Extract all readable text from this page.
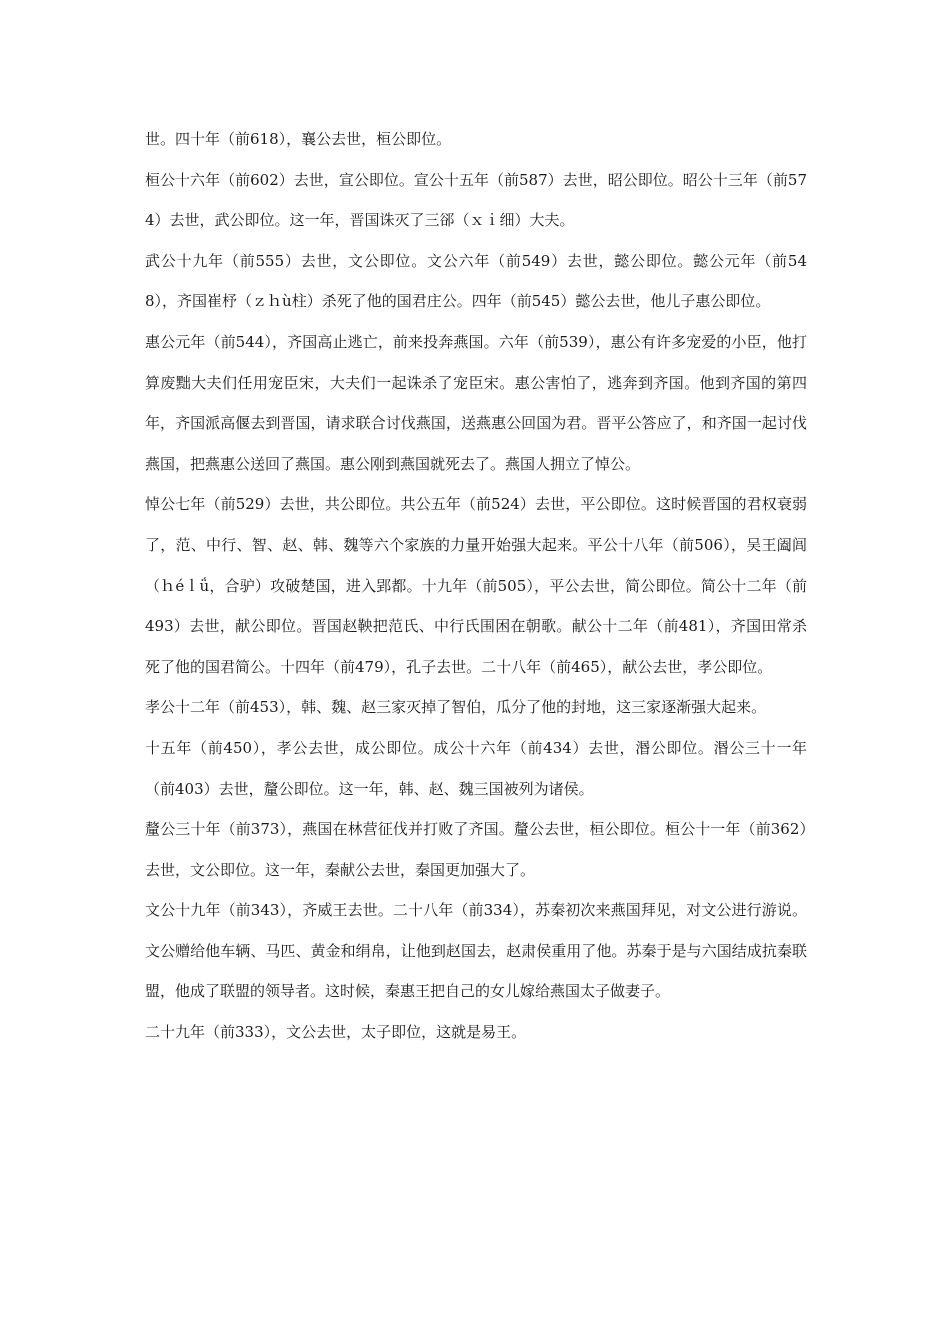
世。四十年（前618），襄公去世，桓公即位。

桓公十六年（前602）去世，宣公即位。宣公十五年（前587）去世，昭公即位。昭公十三年（前574）去世，武公即位。这一年，晋国诛灭了三郤（ｘｉ细）大夫。

武公十九年（前555）去世，文公即位。文公六年（前549）去世，懿公即位。懿公元年（前548），齐国崔杼（ｚｈù柱）杀死了他的国君庄公。四年（前545）懿公去世，他儿子惠公即位。

惠公元年（前544），齐国高止逃亡，前来投奔燕国。六年（前539），惠公有许多宠爱的小臣，他打算废黜大夫们任用宠臣宋，大夫们一起诛杀了宠臣宋。惠公害怕了，逃奔到齐国。他到齐国的第四年，齐国派高偃去到晋国，请求联合讨伐燕国，送燕惠公回国为君。晋平公答应了，和齐国一起讨伐燕国，把燕惠公送回了燕国。惠公刚到燕国就死去了。燕国人拥立了悼公。

悼公七年（前529）去世，共公即位。共公五年（前524）去世，平公即位。这时候晋国的君权衰弱了，范、中行、智、赵、韩、魏等六个家族的力量开始强大起来。平公十八年（前506），吴王阖闾（ｈéｌǘ，合驴）攻破楚国，进入郢都。十九年（前505），平公去世，简公即位。简公十二年（前493）去世，献公即位。晋国赵鞅把范氏、中行氏围困在朝歌。献公十二年（前481），齐国田常杀死了他的国君简公。十四年（前479），孔子去世。二十八年（前465），献公去世，孝公即位。

孝公十二年（前453），韩、魏、赵三家灭掉了智伯，瓜分了他的封地，这三家逐渐强大起来。

十五年（前450），孝公去世，成公即位。成公十六年（前434）去世，湣公即位。湣公三十一年（前403）去世，釐公即位。这一年，韩、赵、魏三国被列为诸侯。

釐公三十年（前373），燕国在林营征伐并打败了齐国。釐公去世，桓公即位。桓公十一年（前362）去世，文公即位。这一年，秦献公去世，秦国更加强大了。

文公十九年（前343），齐威王去世。二十八年（前334），苏秦初次来燕国拜见，对文公进行游说。文公赠给他车辆、马匹、黄金和绢帛，让他到赵国去，赵肃侯重用了他。苏秦于是与六国结成抗秦联盟，他成了联盟的领导者。这时候，秦惠王把自己的女儿嫁给燕国太子做妻子。

二十九年（前333），文公去世，太子即位，这就是易王。
